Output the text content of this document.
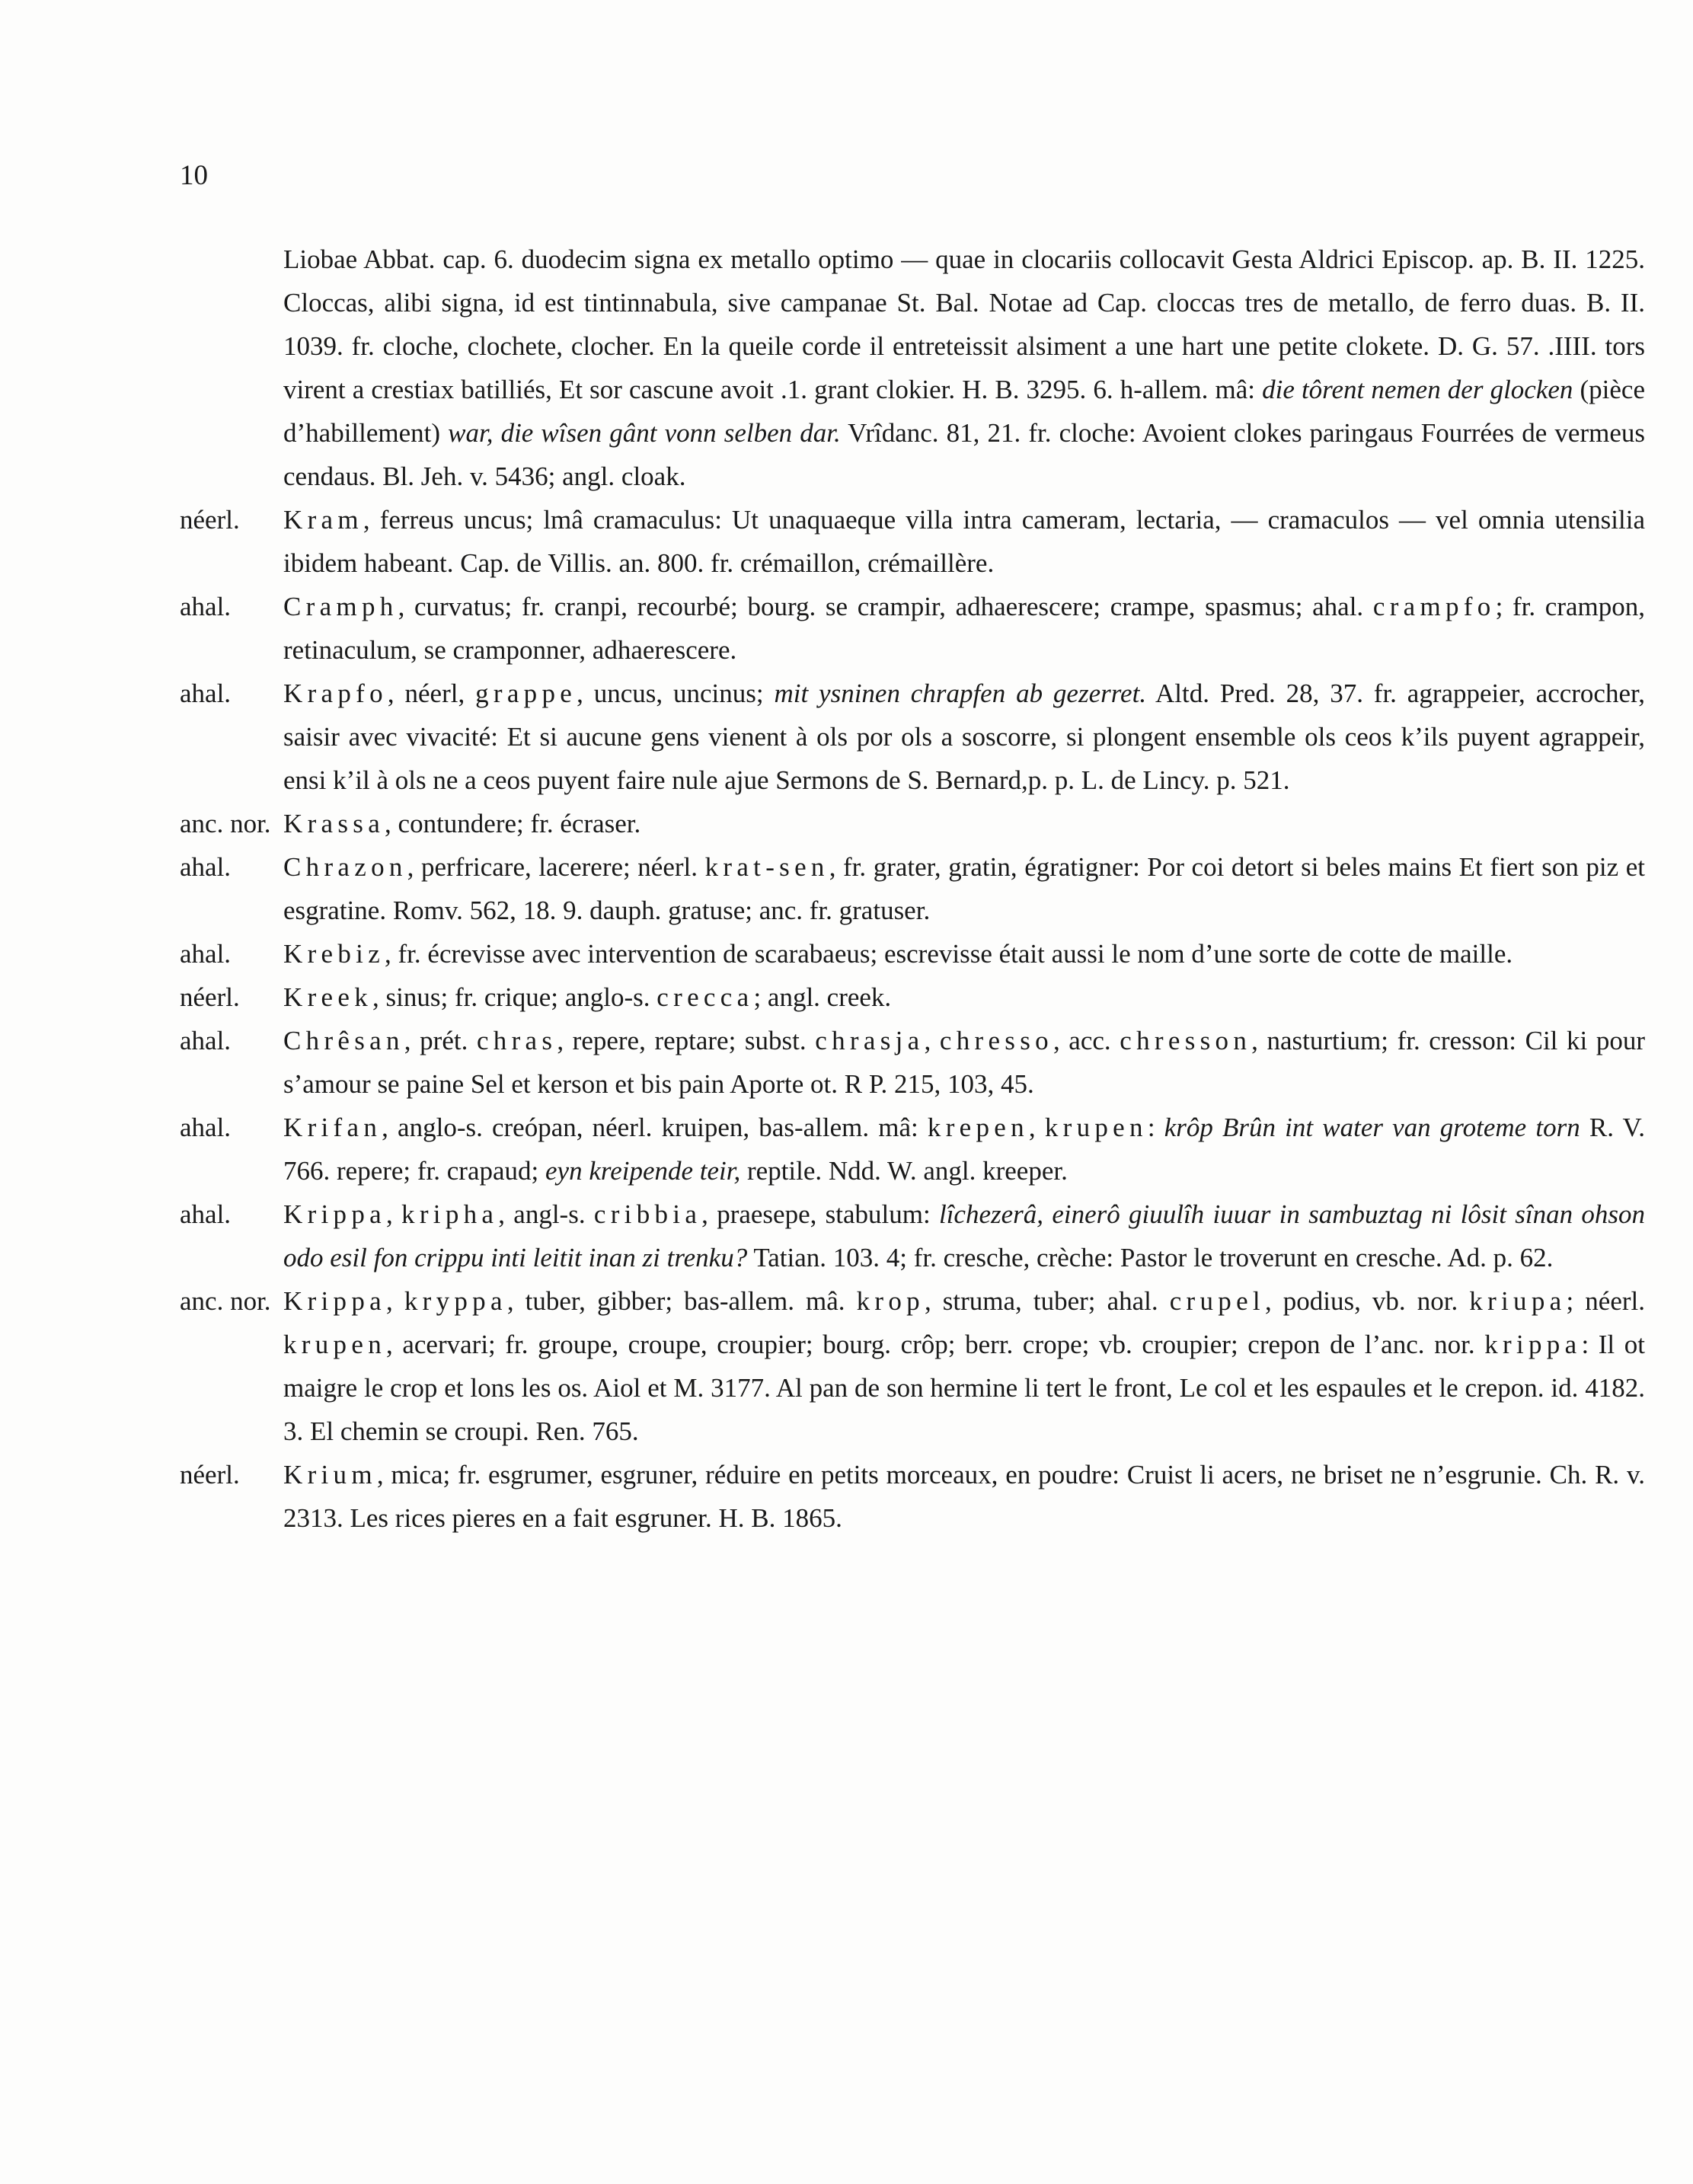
10
Liobae Abbat. cap. 6. duodecim signa ex metallo optimo — quae in clocariis collocavit Gesta Aldrici Episcop. ap. B. II. 1225. Cloccas, alibi signa, id est tintinnabula, sive campanae St. Bal. Notae ad Cap. cloccas tres de metallo, de ferro duas. B. II. 1039. fr. cloche, clochete, clocher. En la queile corde il entreteissit alsiment a une hart une petite clokete. D. G. 57. .IIII. tors virent a crestiax batilliés, Et sor cascune avoit .1. grant clokier. H. B. 3295. 6. h-allem. mâ: die tôrent nemen der glocken (pièce d’habillement) war, die wîsen gânt vonn selben dar. Vrîdanc. 81, 21. fr. cloche: Avoient clokes paringaus Fourrées de vermeus cendaus. Bl. Jeh. v. 5436; angl. cloak.
néerl.	Kram, ferreus uncus; lmâ cramaculus: Ut unaquaeque villa intra cameram, lectaria, — cramaculos — vel omnia utensilia ibidem habeant. Cap. de Villis. an. 800. fr. crémaillon, crémaillère.
ahal.	Cramph, curvatus; fr. cranpi, recourbé; bourg. se crampir, adhaerescere; crampe, spasmus; ahal. crampfo; fr. crampon, retinaculum, se cramponner, adhaerescere.
ahal.	Krapfo, néerl, grappe, uncus, uncinus; mit ysninen chrapfen ab gezerret. Altd. Pred. 28, 37. fr. agrappeier, accrocher, saisir avec vivacité: Et si aucune gens vienent à ols por ols a soscorre, si plongent ensemble ols ceos k’ils puyent agrappeir, ensi k’il à ols ne a ceos puyent faire nule ajue Sermons de S. Bernard,p. p. L. de Lincy. p. 521.
anc. nor. Krassa, contundere; fr. écraser.
ahal.	Chrazon, perfricare, lacerere; néerl. krat-sen, fr. grater, gratin, égratigner: Por coi detort si beles mains Et fiert son piz et esgratine. Romv. 562, 18. 9. dauph. gratuse; anc. fr. gratuser.
ahal.	Krebiz, fr. écrevisse avec intervention de scarabaeus; escrevisse était aussi le nom d’une sorte de cotte de maille.
néerl.	Kreek, sinus; fr. crique; anglo-s. crecca; angl. creek.
ahal.	Chrêsan, prét. chras, repere, reptare; subst. chrasja, chresso, acc. chresson, nasturtium; fr. cresson: Cil ki pour s’amour se paine Sel et kerson et bis pain Aporte ot. R P. 215, 103, 45.
ahal.	Krifan, anglo-s. creópan, néerl. kruipen, bas-allem. mâ: krepen, krupen: krôp Brûn int water van groteme torn R. V. 766. repere; fr. crapaud; eyn kreipende teir, reptile. Ndd. W. angl. kreeper.
ahal.	Krippa, kripha, angl-s. cribbia, praesepe, stabulum: lîchezerâ, einerô giuulîh iuuar in sambuztag ni lôsit sînan ohson odo esil fon crippu inti leitit inan zi trenku? Tatian. 103. 4; fr. cresche, crèche: Pastor le troverunt en cresche. Ad. p. 62.
anc. nor. Krippa, kryppa, tuber, gibber; bas-allem. mâ. krop, struma, tuber; ahal. crupel, podius, vb. nor. kriupa; néerl. krupen, acervari; fr. groupe, croupe, croupier; bourg. crôp; berr. crope; vb. croupier; crepon de l’anc. nor. krippa: Il ot maigre le crop et lons les os. Aiol et M. 3177. Al pan de son hermine li tert le front, Le col et les espaules et le crepon. id. 4182. 3. El chemin se croupi. Ren. 765.
néerl.	Krium, mica; fr. esgrumer, esgruner, réduire en petits morceaux, en poudre: Cruist li acers, ne briset ne n’esgrunie. Ch. R. v. 2313. Les rices pieres en a fait esgruner. H. B. 1865.
